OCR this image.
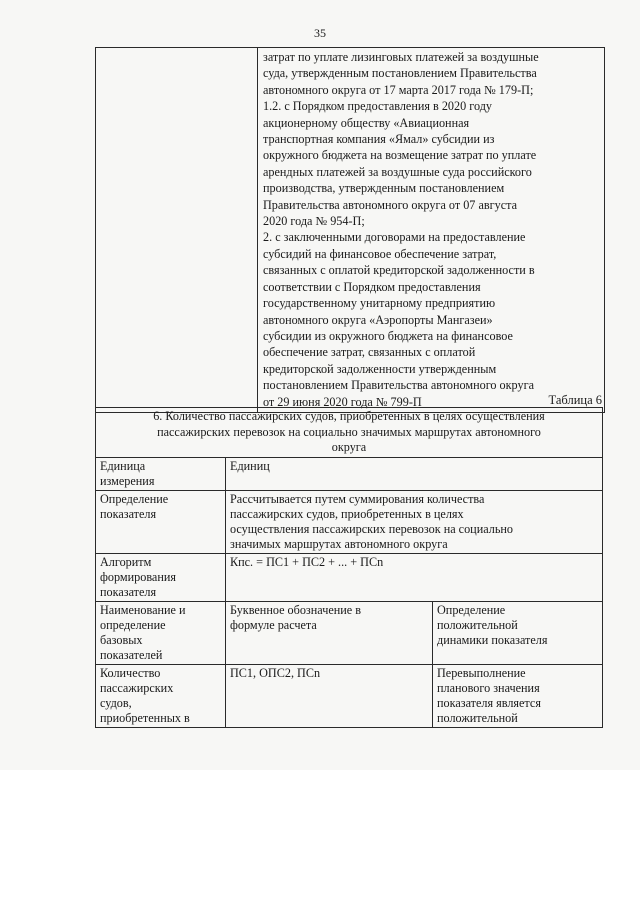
35

затрат по уплате лизинговых платежей за воздушные
суда, утвержденным постановлением Правительства
автономного округа от 17 марта 2017 года № 179-П;
1.2. с Порядком предоставления в 2020 году
акционерному обществу «Авиационная
транспортная компания «Ямал» субсидии из
окружного бюджета на возмещение затрат по уплате
арендных платежей за воздушные суда российского
производства, утвержденным постановлением
Правительства автономного округа от 07 августа
2020 года № 954-П;
2. с заключенными договорами на предоставление
субсидий на финансовое обеспечение затрат,
связанных с оплатой кредиторской задолженности в
соответствии с Порядком предоставления
государственному унитарному предприятию
автономного округа «Аэропорты Мангазеи»
субсидии из окружного бюджета на финансовое
обеспечение затрат, связанных с оплатой
кредиторской задолженности утвержденным
постановлением Правительства автономного округа
от 29 июня 2020 года № 799-П	Таблица 6
6. Количество пассажирских судов, приобретенных в целях осуществления
пассажирских перевозок на социально значимых маршрутах автономного
округа		

Единица
измерения	Единиц	

Определение
показателя	Рассчитывается путем суммирования количества
пассажирских судов, приобретенных в целях
осуществления пассажирских перевозок на социально
значимых маршрутах автономного округа	

Алгоритм
формирования
показателя	Кпс. = ПС1 + ПС2 + ... + ПСn	

Наименование и
определение
базовых
показателей	Буквенное обозначение в
формуле расчета	Определение
положительной
динамики показателя

Количество
пассажирских
судов,
приобретенных в	ПС1, ОПС2, ПСn	Перевыполнение
планового значения
показателя является
положительной
